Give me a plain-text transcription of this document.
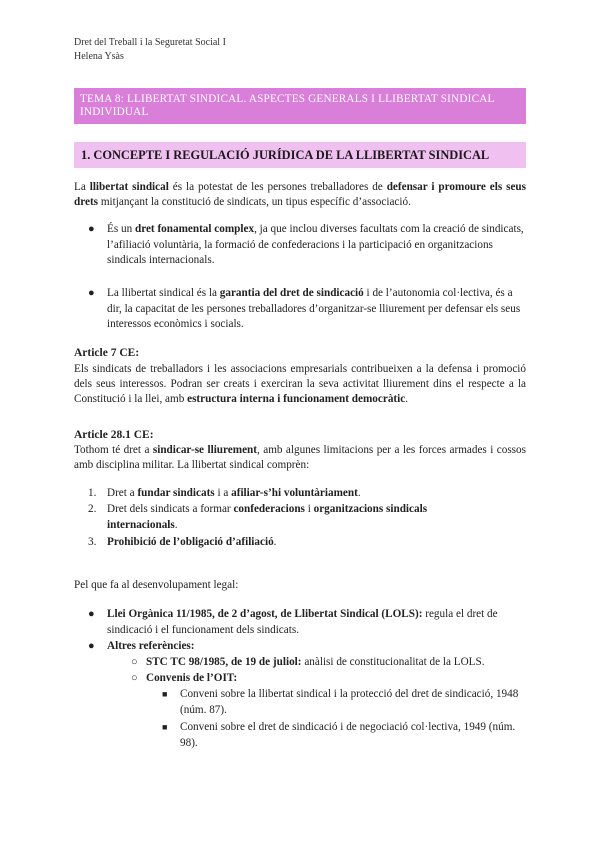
Dret del Treball i la Seguretat Social I
Helena Ysàs
TEMA 8: LLIBERTAT SINDICAL. ASPECTES GENERALS I LLIBERTAT SINDICAL INDIVIDUAL
1. CONCEPTE I REGULACIÓ JURÍDICA DE LA LLIBERTAT SINDICAL
La llibertat sindical és la potestat de les persones treballadores de defensar i promoure els seus drets mitjançant la constitució de sindicats, un tipus específic d’associació.
● És un dret fonamental complex, ja que inclou diverses facultats com la creació de sindicats, l’afiliació voluntària, la formació de confederacions i la participació en organitzacions sindicals internacionals.
● La llibertat sindical és la garantia del dret de sindicació i de l’autonomia col·lectiva, és a dir, la capacitat de les persones treballadores d’organitzar-se lliurement per defensar els seus interessos econòmics i socials.
Article 7 CE:
Els sindicats de treballadors i les associacions empresarials contribueixen a la defensa i promoció dels seus interessos. Podran ser creats i exerciran la seva activitat lliurement dins el respecte a la Constitució i la llei, amb estructura interna i funcionament democràtic.
Article 28.1 CE:
Tothom té dret a sindicar-se lliurement, amb algunes limitacions per a les forces armades i cossos amb disciplina militar. La llibertat sindical comprèn:
1. Dret a fundar sindicats i a afiliar-s’hi voluntàriament.
2. Dret dels sindicats a formar confederacions i organitzacions sindicals internacionals.
3. Prohibició de l’obligació d’afiliació.
Pel que fa al desenvolupament legal:
● Llei Orgànica 11/1985, de 2 d’agost, de Llibertat Sindical (LOLS): regula el dret de sindicació i el funcionament dels sindicats.
● Altres referències:
○ STC TC 98/1985, de 19 de juliol: anàlisi de constitucionalitat de la LOLS.
○ Convenis de l’OIT:
■ Conveni sobre la llibertat sindical i la protecció del dret de sindicació, 1948 (núm. 87).
■ Conveni sobre el dret de sindicació i de negociació col·lectiva, 1949 (núm. 98).
